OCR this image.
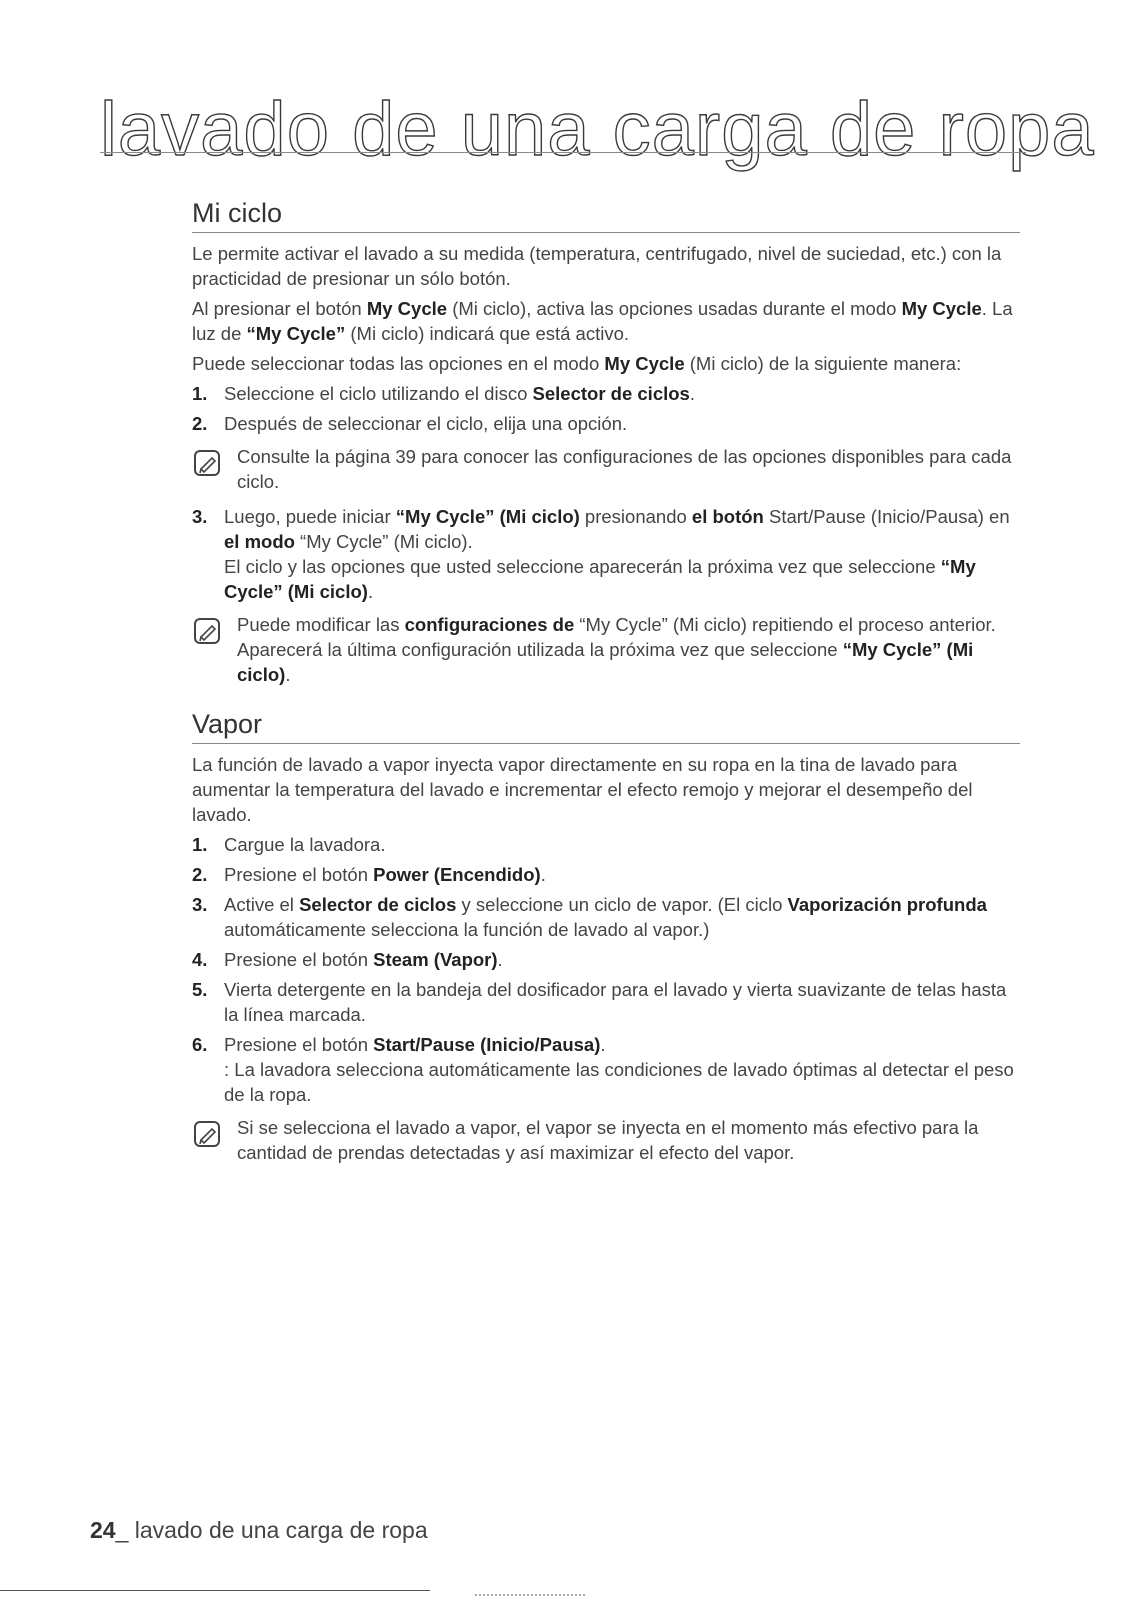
lavado de una carga de ropa
Mi ciclo

Le permite activar el lavado a su medida (temperatura, centrifugado, nivel de suciedad, etc.) con la practicidad de presionar un sólo botón.

Al presionar el botón My Cycle (Mi ciclo), activa las opciones usadas durante el modo My Cycle. La luz de “My Cycle” (Mi ciclo) indicará que está activo.

Puede seleccionar todas las opciones en el modo My Cycle (Mi ciclo) de la siguiente manera:

1. Seleccione el ciclo utilizando el disco Selector de ciclos.
2. Después de seleccionar el ciclo, elija una opción.
Consulte la página 39 para conocer las configuraciones de las opciones disponibles para cada ciclo.
3. Luego, puede iniciar “My Cycle” (Mi ciclo) presionando el botón Start/Pause (Inicio/Pausa) en el modo “My Cycle” (Mi ciclo).
El ciclo y las opciones que usted seleccione aparecerán la próxima vez que seleccione “My Cycle” (Mi ciclo).
Puede modificar las configuraciones de “My Cycle” (Mi ciclo) repitiendo el proceso anterior.
Aparecerá la última configuración utilizada la próxima vez que seleccione “My Cycle” (Mi ciclo).
Vapor

La función de lavado a vapor inyecta vapor directamente en su ropa en la tina de lavado para aumentar la temperatura del lavado e incrementar el efecto remojo y mejorar el desempeño del lavado.

1. Cargue la lavadora.
2. Presione el botón Power (Encendido).
3. Active el Selector de ciclos y seleccione un ciclo de vapor. (El ciclo Vaporización profunda automáticamente selecciona la función de lavado al vapor.)
4. Presione el botón Steam (Vapor).
5. Vierta detergente en la bandeja del dosificador para el lavado y vierta suavizante de telas hasta la línea marcada.
6. Presione el botón Start/Pause (Inicio/Pausa).
: La lavadora selecciona automáticamente las condiciones de lavado óptimas al detectar el peso de la ropa.
Si se selecciona el lavado a vapor, el vapor se inyecta en el momento más efectivo para la cantidad de prendas detectadas y así maximizar el efecto del vapor.
24_ lavado de una carga de ropa
